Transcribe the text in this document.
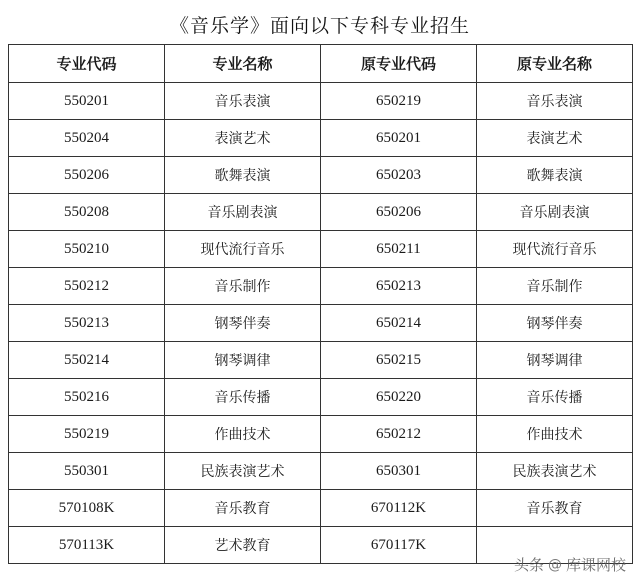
《音乐学》面向以下专科专业招生
专业代码	专业名称	原专业代码	原专业名称
550201	音乐表演	650219	音乐表演
550204	表演艺术	650201	表演艺术
550206	歌舞表演	650203	歌舞表演
550208	音乐剧表演	650206	音乐剧表演
550210	现代流行音乐	650211	现代流行音乐
550212	音乐制作	650213	音乐制作
550213	钢琴伴奏	650214	钢琴伴奏
550214	钢琴调律	650215	钢琴调律
550216	音乐传播	650220	音乐传播
550219	作曲技术	650212	作曲技术
550301	民族表演艺术	650301	民族表演艺术
570108K	音乐教育	670112K	音乐教育
570113K	艺术教育	670117K	
头条 @ 库课网校
